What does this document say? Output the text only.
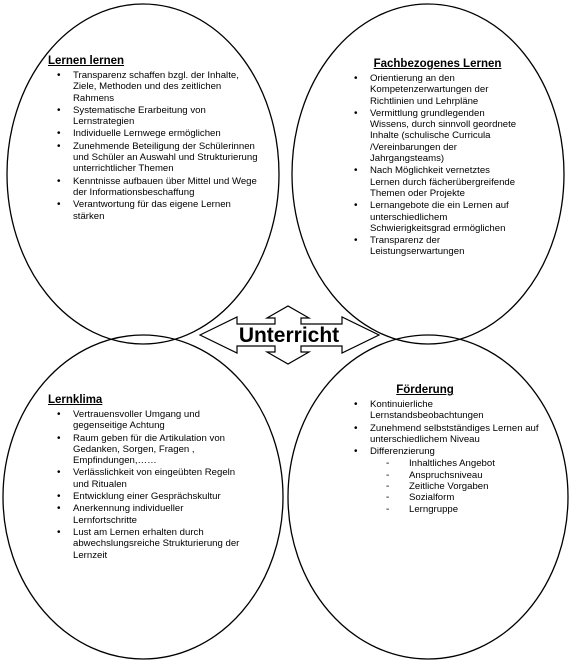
Unterricht
Lernen lernen
• Transparenz schaffen bzgl. der Inhalte, Ziele, Methoden und des zeitlichen Rahmens
• Systematische Erarbeitung von Lernstrategien
• Individuelle Lernwege ermöglichen
• Zunehmende Beteiligung der Schülerinnen und Schüler an Auswahl und Strukturierung unterrichtlicher Themen
• Kenntnisse aufbauen über Mittel und Wege der Informationsbeschaffung
• Verantwortung für das eigene Lernen stärken
Fachbezogenes Lernen
• Orientierung an den Kompetenzerwartungen der Richtlinien und Lehrpläne
• Vermittlung grundlegenden Wissens, durch sinnvoll geordnete Inhalte (schulische Curricula /Vereinbarungen der Jahrgangsteams)
• Nach Möglichkeit vernetztes Lernen durch fächerübergreifende Themen oder Projekte
• Lernangebote die ein Lernen auf unterschiedlichem Schwierigkeitsgrad ermöglichen
• Transparenz der Leistungserwartungen
Lernklima
• Vertrauensvoller Umgang und gegenseitige Achtung
• Raum geben für die Artikulation von Gedanken, Sorgen, Fragen , Empfindungen,……
• Verlässlichkeit von eingeübten Regeln und Ritualen
• Entwicklung einer Gesprächskultur
• Anerkennung individueller Lernfortschritte
• Lust am Lernen erhalten durch abwechslungsreiche Strukturierung der Lernzeit
Förderung
• Kontinuierliche Lernstandsbeobachtungen
• Zunehmend selbstständiges Lernen auf unterschiedlichem Niveau
• Differenzierung
- Inhaltliches Angebot
- Anspruchsniveau
- Zeitliche Vorgaben
- Sozialform
- Lerngruppe
